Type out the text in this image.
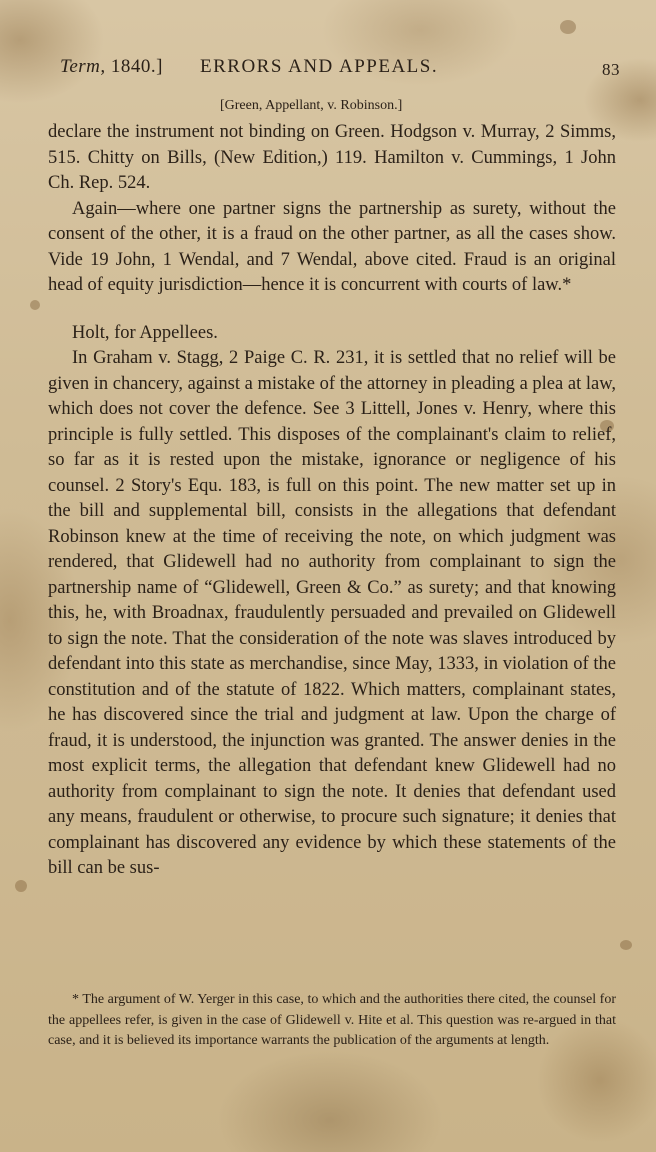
Term, 1840.] ERRORS AND APPEALS.	83
[Green, Appellant, v. Robinson.]

declare the instrument not binding on Green. Hodgson v. Murray, 2 Simms, 515. Chitty on Bills, (New Edition,) 119. Hamilton v. Cummings, 1 John Ch. Rep. 524.

Again—where one partner signs the partnership as surety, without the consent of the other, it is a fraud on the other partner, as all the cases show. Vide 19 John, 1 Wendal, and 7 Wendal, above cited. Fraud is an original head of equity jurisdiction—hence it is concurrent with courts of law.*

Holt, for Appellees.

In Graham v. Stagg, 2 Paige C. R. 231, it is settled that no relief will be given in chancery, against a mistake of the attorney in pleading a plea at law, which does not cover the defence. See 3 Littell, Jones v. Henry, where this principle is fully settled. This disposes of the complainant's claim to relief, so far as it is rested upon the mistake, ignorance or negligence of his counsel. 2 Story's Equ. 183, is full on this point. The new matter set up in the bill and supplemental bill, consists in the allegations that defendant Robinson knew at the time of receiving the note, on which judgment was rendered, that Glidewell had no authority from complainant to sign the partnership name of “Glidewell, Green & Co.” as surety; and that knowing this, he, with Broadnax, fraudulently persuaded and prevailed on Glidewell to sign the note. That the consideration of the note was slaves introduced by defendant into this state as merchandise, since May, 1333, in violation of the constitution and of the statute of 1822. Which matters, complainant states, he has discovered since the trial and judgment at law. Upon the charge of fraud, it is understood, the injunction was granted. The answer denies in the most explicit terms, the allegation that defendant knew Glidewell had no authority from complainant to sign the note. It denies that defendant used any means, fraudulent or otherwise, to procure such signature; it denies that complainant has discovered any evidence by which these statements of the bill can be sus-

* The argument of W. Yerger in this case, to which and the authorities there cited, the counsel for the appellees refer, is given in the case of Glidewell v. Hite et al. This question was re-argued in that case, and it is believed its importance warrants the publication of the arguments at length.
